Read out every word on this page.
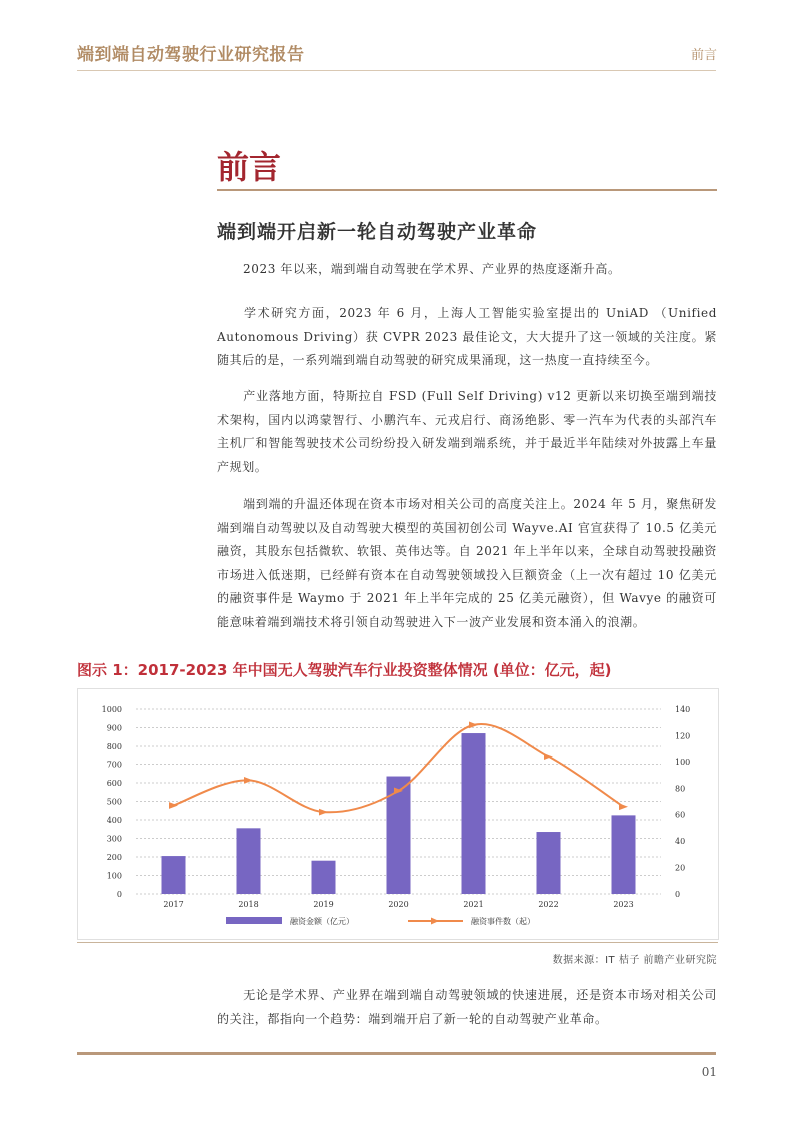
端到端自动驾驶行业研究报告	前言
前言
端到端开启新一轮自动驾驶产业革命
2023 年以来，端到端自动驾驶在学术界、产业界的热度逐渐升高。
学术研究方面，2023 年 6 月，上海人工智能实验室提出的 UniAD （Unified Autonomous Driving）获 CVPR 2023 最佳论文，大大提升了这一领域的关注度。紧随其后的是，一系列端到端自动驾驶的研究成果涌现，这一热度一直持续至今。
产业落地方面，特斯拉自 FSD (Full Self Driving) v12 更新以来切换至端到端技术架构，国内以鸿蒙智行、小鹏汽车、元戎启行、商汤绝影、零一汽车为代表的头部汽车主机厂和智能驾驶技术公司纷纷投入研发端到端系统，并于最近半年陆续对外披露上车量产规划。
端到端的升温还体现在资本市场对相关公司的高度关注上。2024 年 5 月，聚焦研发端到端自动驾驶以及自动驾驶大模型的英国初创公司 Wayve.AI 官宣获得了 10.5 亿美元融资，其股东包括微软、软银、英伟达等。自 2021 年上半年以来，全球自动驾驶投融资市场进入低迷期，已经鲜有资本在自动驾驶领域投入巨额资金（上一次有超过 10 亿美元的融资事件是 Waymo 于 2021 年上半年完成的 25 亿美元融资），但 Wavye 的融资可能意味着端到端技术将引领自动驾驶进入下一波产业发展和资本涌入的浪潮。
图示 1：2017-2023 年中国无人驾驶汽车行业投资整体情况 (单位：亿元，起)
0
100
200
300
400
500
600
700
800
900
1000
0
20
40
60
80
100
120
140
2017	2018	2019	2020	2021	2022	2023
融资金额（亿元）	融资事件数（起）
数据来源：IT 桔子 前瞻产业研究院
无论是学术界、产业界在端到端自动驾驶领域的快速进展，还是资本市场对相关公司的关注，都指向一个趋势：端到端开启了新一轮的自动驾驶产业革命。
01
